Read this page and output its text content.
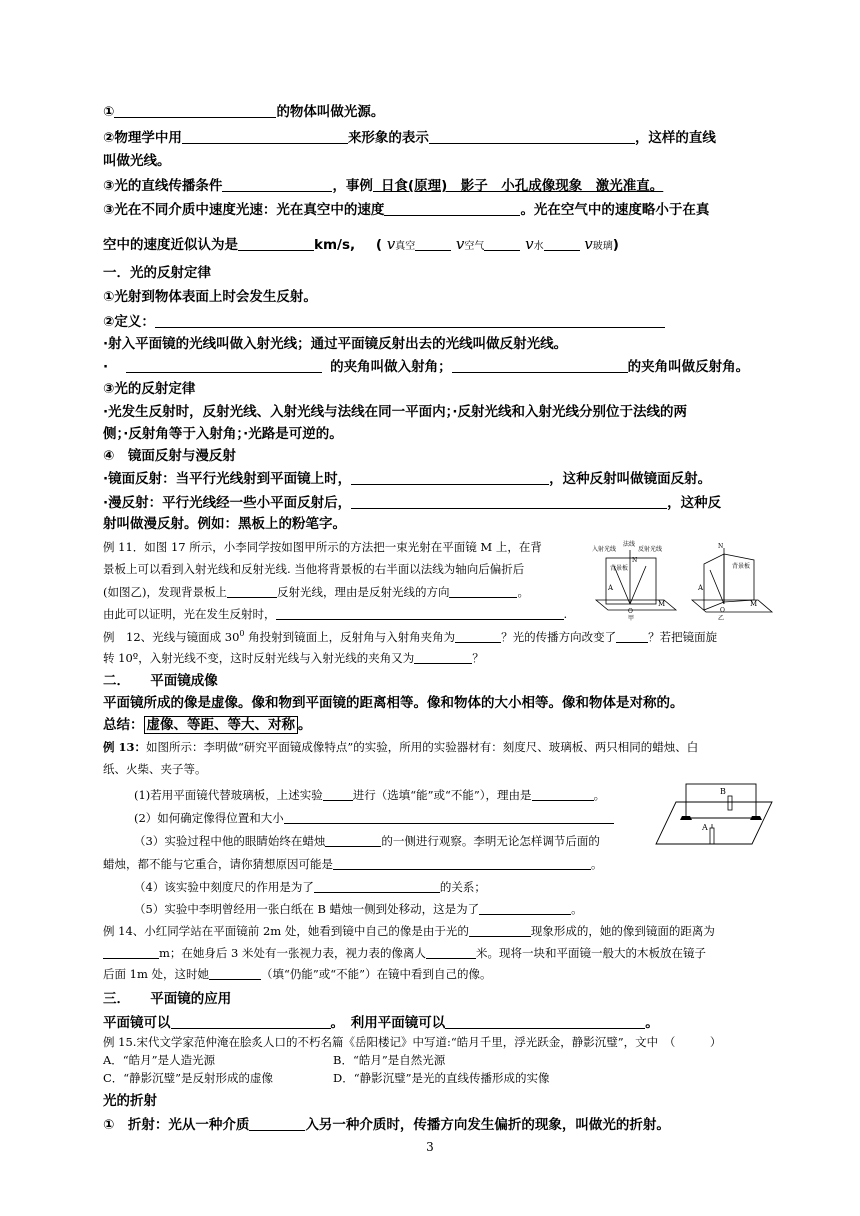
①	的物体叫做光源。
②物理学中用	来形象的表示	，这样的直线
叫做光线。
③光的直线传播条件	，事例 日食(原理)　影子　小孔成像现象　激光准直。
③光在不同介质中速度光速：光在真空中的速度	。光在空气中的速度略小于在真
空中的速度近似认为是	km/s, ( v真空	v空气	v水	v玻璃)
一．光的反射定律
①光射到物体表面上时会发生反射。
②定义：
·射入平面镜的光线叫做入射光线；通过平面镜反射出去的光线叫做反射光线。
·	的夹角叫做入射角；	的夹角叫做反射角。
③光的反射定律
·光发生反射时，反射光线、入射光线与法线在同一平面内；·反射光线和入射光线分别位于法线的两
侧；·反射角等于入射角；·光路是可逆的。
④　镜面反射与漫反射
·镜面反射：当平行光线射到平面镜上时，	，这种反射叫做镜面反射。
·漫反射：平行光线经一些小平面反射后，	，这种反
射叫做漫反射。例如：黑板上的粉笔字。
例 11．如图 17 所示，小李同学按如图甲所示的方法把一束光射在平面镜 M 上，在背
景板上可以看到入射光线和反射光线. 当他将背景板的右半面以法线为轴向后偏折后
(如图乙)，发现背景板上	反射光线，理由是反射光线的方向	。
由此可以证明，光在发生反射时，	.
入射光线
法线
反射光线
背景板
A
N
M
O
甲
N
背景板
A
O
M
乙
例　12、光线与镜面成 $30^0$ 角投射到镜面上，反射角与入射角夹角为	？光的传播方向改变了	？若把镜面旋
转 10º，入射光线不变，这时反射光线与入射光线的夹角又为	？
二．　　平面镜成像
平面镜所成的像是虚像。像和物到平面镜的距离相等。像和物体的大小相等。像和物体是对称的。
总结： 虚像、等距、等大、对称 。
例 13：如图所示：李明做“研究平面镜成像特点”的实验，所用的实验器材有：刻度尺、玻璃板、两只相同的蜡烛、白
纸、火柴、夹子等。
(1)若用平面镜代替玻璃板，上述实验	进行（选填“能”或“不能”），理由是	。
(2）如何确定像得位置和大小
（3）实验过程中他的眼睛始终在蜡烛	的一侧进行观察。李明无论怎样调节后面的
蜡烛，都不能与它重合，请你猜想原因可能是	。
（4）该实验中刻度尺的作用是为了	的关系；
（5）实验中李明曾经用一张白纸在 B 蜡烛一侧到处移动，这是为了	。
B
A
例 14、小红同学站在平面镜前 2m 处，她看到镜中自己的像是由于光的	现象形成的，她的像到镜面的距离为
m；在她身后 3 米处有一张视力表，视力表的像离人	米。现将一块和平面镜一般大的木板放在镜子
后面 1m 处，这时她	（填“仍能”或“不能”）在镜中看到自己的像。
三．　　平面镜的应用
平面镜可以	。　利用平面镜可以	。
例 15.宋代文学家范仲淹在脍炙人口的不朽名篇《岳阳楼记》中写道:“皓月千里，浮光跃金，静影沉璧”，文中　（　　　）
A．“皓月”是人造光源	B．“皓月”是自然光源
C．“静影沉璧”是反射形成的虚像	D．“静影沉璧”是光的直线传播形成的实像
光的折射
①　折射：光从一种介质	入另一种介质时，传播方向发生偏折的现象，叫做光的折射。
3
